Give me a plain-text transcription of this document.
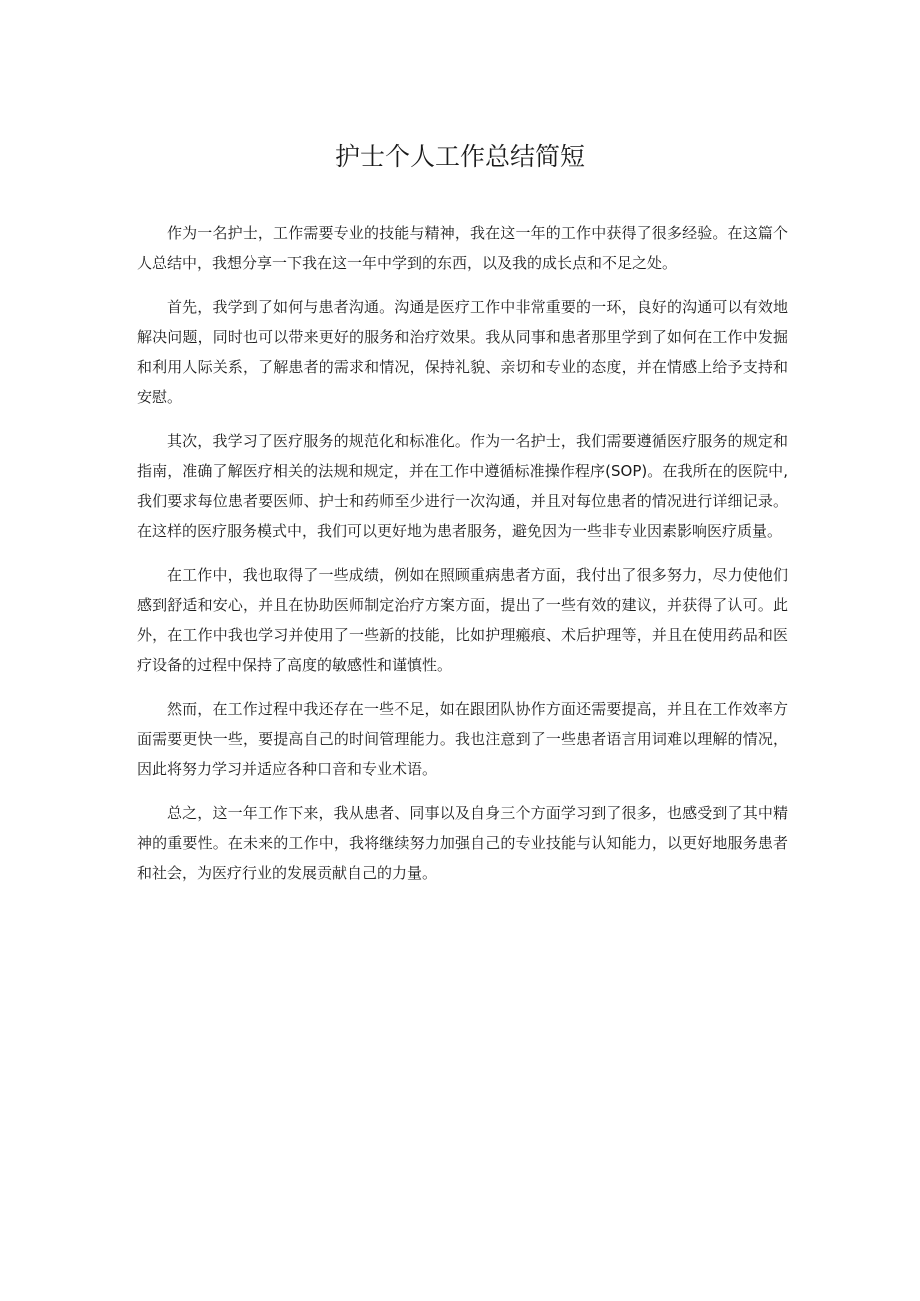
护士个人工作总结简短

作为一名护士，工作需要专业的技能与精神，我在这一年的工作中获得了很多经验。在这篇个人总结中，我想分享一下我在这一年中学到的东西，以及我的成长点和不足之处。

首先，我学到了如何与患者沟通。沟通是医疗工作中非常重要的一环，良好的沟通可以有效地解决问题，同时也可以带来更好的服务和治疗效果。我从同事和患者那里学到了如何在工作中发掘和利用人际关系，了解患者的需求和情况，保持礼貌、亲切和专业的态度，并在情感上给予支持和安慰。

其次，我学习了医疗服务的规范化和标准化。作为一名护士，我们需要遵循医疗服务的规定和指南，准确了解医疗相关的法规和规定，并在工作中遵循标准操作程序(SOP)。在我所在的医院中,我们要求每位患者要医师、护士和药师至少进行一次沟通，并且对每位患者的情况进行详细记录。在这样的医疗服务模式中，我们可以更好地为患者服务，避免因为一些非专业因素影响医疗质量。

在工作中，我也取得了一些成绩，例如在照顾重病患者方面，我付出了很多努力，尽力使他们感到舒适和安心，并且在协助医师制定治疗方案方面，提出了一些有效的建议，并获得了认可。此外，在工作中我也学习并使用了一些新的技能，比如护理瘢痕、术后护理等，并且在使用药品和医疗设备的过程中保持了高度的敏感性和谨慎性。

然而，在工作过程中我还存在一些不足，如在跟团队协作方面还需要提高，并且在工作效率方面需要更快一些，要提高自己的时间管理能力。我也注意到了一些患者语言用词难以理解的情况，因此将努力学习并适应各种口音和专业术语。

总之，这一年工作下来，我从患者、同事以及自身三个方面学习到了很多，也感受到了其中精神的重要性。在未来的工作中，我将继续努力加强自己的专业技能与认知能力，以更好地服务患者和社会，为医疗行业的发展贡献自己的力量。
